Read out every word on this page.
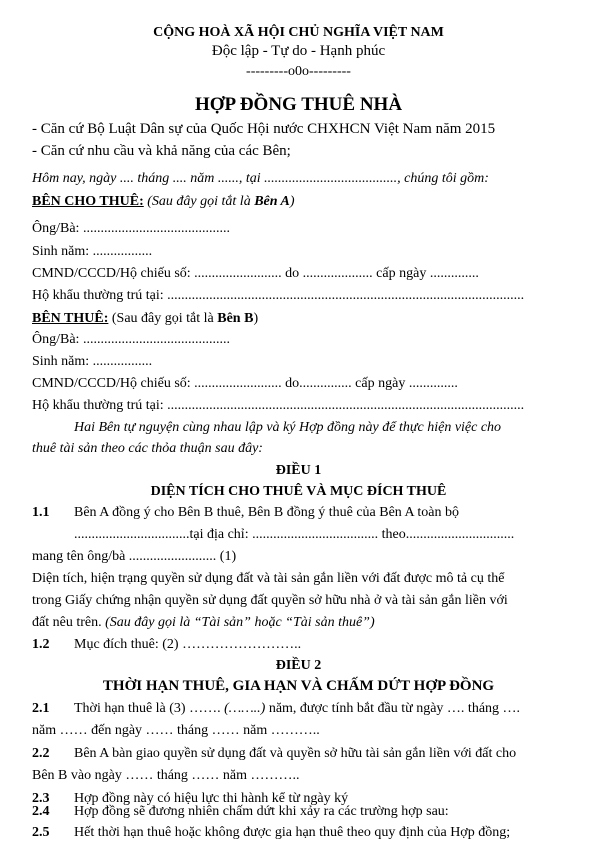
CỘNG HOÀ XÃ HỘI CHỦ NGHĨA VIỆT NAM
Độc lập - Tự do - Hạnh phúc
---------o0o---------
HỢP ĐỒNG THUÊ NHÀ
- Căn cứ Bộ Luật Dân sự của Quốc Hội nước CHXHCN Việt Nam năm 2015
- Căn cứ nhu cầu và khả năng của các Bên;
Hôm nay, ngày .... tháng .... năm ......, tại ......................................, chúng tôi gồm:
BÊN CHO THUÊ: (Sau đây gọi tắt là Bên A)
Ông/Bà: ..........................................
Sinh năm: .................
CMND/CCCD/Hộ chiếu số: ......................... do .................... cấp ngày ..............
Hộ khẩu thường trú tại: ......................................................................................................
BÊN THUÊ: (Sau đây gọi tắt là Bên B)
Ông/Bà: ..........................................
Sinh năm: .................
CMND/CCCD/Hộ chiếu số: ......................... do............... cấp ngày ..............
Hộ khẩu thường trú tại: ......................................................................................................
Hai Bên tự nguyện cùng nhau lập và ký Hợp đồng này để thực hiện việc cho
thuê tài sản theo các thỏa thuận sau đây:
ĐIỀU 1
DIỆN TÍCH CHO THUÊ VÀ MỤC ĐÍCH THUÊ
1.1 Bên A đồng ý cho Bên B thuê, Bên B đồng ý thuê của Bên A toàn bộ
.................................tại địa chỉ: .................................... theo...............................
mang tên ông/bà ......................... (1)
Diện tích, hiện trạng quyền sử dụng đất và tài sản gắn liền với đất được mô tả cụ thể
trong Giấy chứng nhận quyền sử dụng đất quyền sở hữu nhà ở và tài sản gắn liền với
đất nêu trên. (Sau đây gọi là “Tài sản” hoặc “Tài sản thuê”)
1.2 Mục đích thuê: (2) ……………………..
ĐIỀU 2
THỜI HẠN THUÊ, GIA HẠN VÀ CHẤM DỨT HỢP ĐỒNG
2.1 Thời hạn thuê là (3) ……. (……..) năm, được tính bắt đầu từ ngày …. tháng ….
năm …… đến ngày …… tháng …… năm ………..
2.2 Bên A bàn giao quyền sử dụng đất và quyền sở hữu tài sản gắn liền với đất cho
Bên B vào ngày …… tháng …… năm ………..
2.3 Hợp đồng này có hiệu lực thi hành kể từ ngày ký
2.4 Hợp đồng sẽ đương nhiên chấm dứt khi xảy ra các trường hợp sau:
2.5 Hết thời hạn thuê hoặc không được gia hạn thuê theo quy định của Hợp đồng;
